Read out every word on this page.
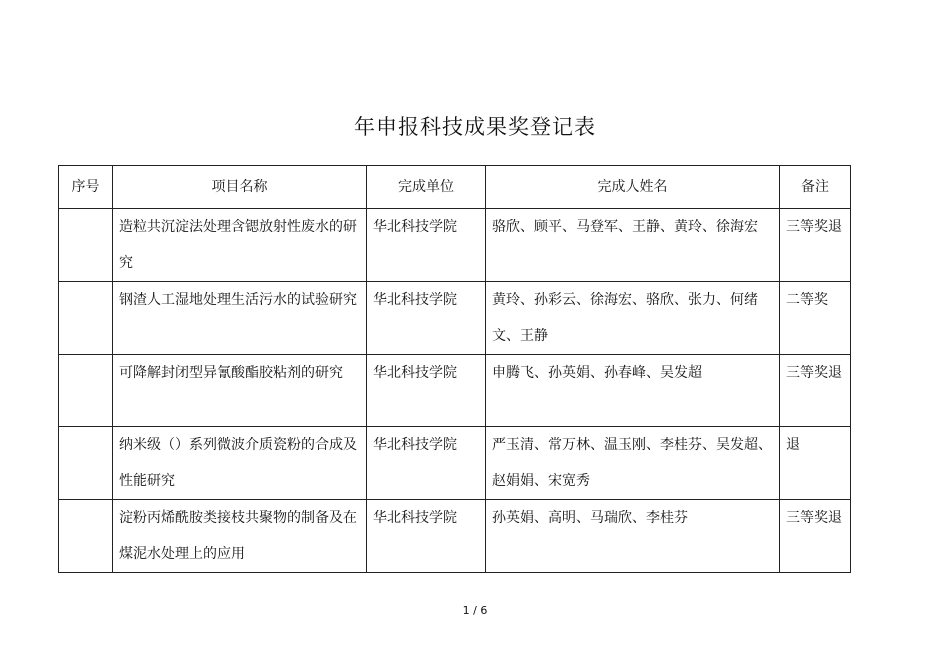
年申报科技成果奖登记表
序号	项目名称	完成单位	完成人姓名	备注
	造粒共沉淀法处理含锶放射性废水的研究	华北科技学院	骆欣、顾平、马登军、王静、黄玲、徐海宏	三等奖退
	钢渣人工湿地处理生活污水的试验研究	华北科技学院	黄玲、孙彩云、徐海宏、骆欣、张力、何绪文、王静	二等奖
	可降解封闭型异氰酸酯胶粘剂的研究	华北科技学院	申腾飞、孙英娟、孙春峰、吴发超	三等奖退
	纳米级（）系列微波介质瓷粉的合成及性能研究	华北科技学院	严玉清、常万林、温玉刚、李桂芬、吴发超、赵娟娟、宋宽秀	退
	淀粉丙烯酰胺类接枝共聚物的制备及在煤泥水处理上的应用	华北科技学院	孙英娟、高明、马瑞欣、李桂芬	三等奖退
1 / 6
